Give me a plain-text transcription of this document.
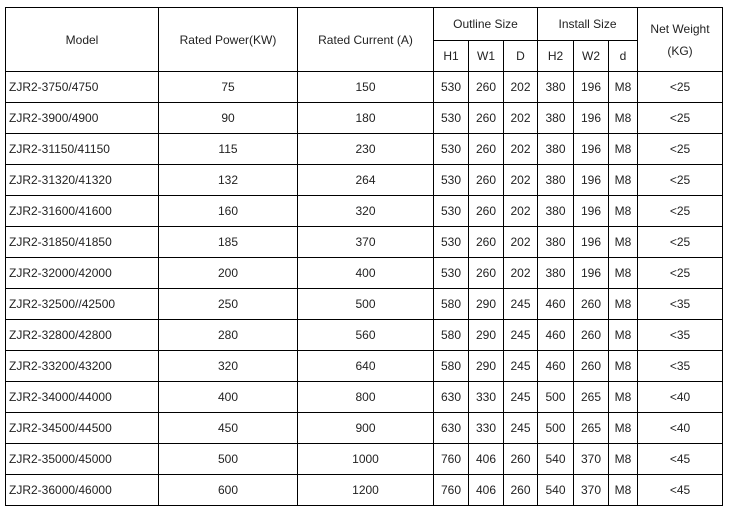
Model	Rated Power(KW)	Rated Current (A)	Outline Size			Install Size			Net Weight
(KG)
			H1	W1	D	H2	W2	d	
ZJR2-3750/4750	75	150	530	260	202	380	196	M8	<25
ZJR2-3900/4900	90	180	530	260	202	380	196	M8	<25
ZJR2-31150/41150	115	230	530	260	202	380	196	M8	<25
ZJR2-31320/41320	132	264	530	260	202	380	196	M8	<25
ZJR2-31600/41600	160	320	530	260	202	380	196	M8	<25
ZJR2-31850/41850	185	370	530	260	202	380	196	M8	<25
ZJR2-32000/42000	200	400	530	260	202	380	196	M8	<25
ZJR2-32500//42500	250	500	580	290	245	460	260	M8	<35
ZJR2-32800/42800	280	560	580	290	245	460	260	M8	<35
ZJR2-33200/43200	320	640	580	290	245	460	260	M8	<35
ZJR2-34000/44000	400	800	630	330	245	500	265	M8	<40
ZJR2-34500/44500	450	900	630	330	245	500	265	M8	<40
ZJR2-35000/45000	500	1000	760	406	260	540	370	M8	<45
ZJR2-36000/46000	600	1200	760	406	260	540	370	M8	<45
